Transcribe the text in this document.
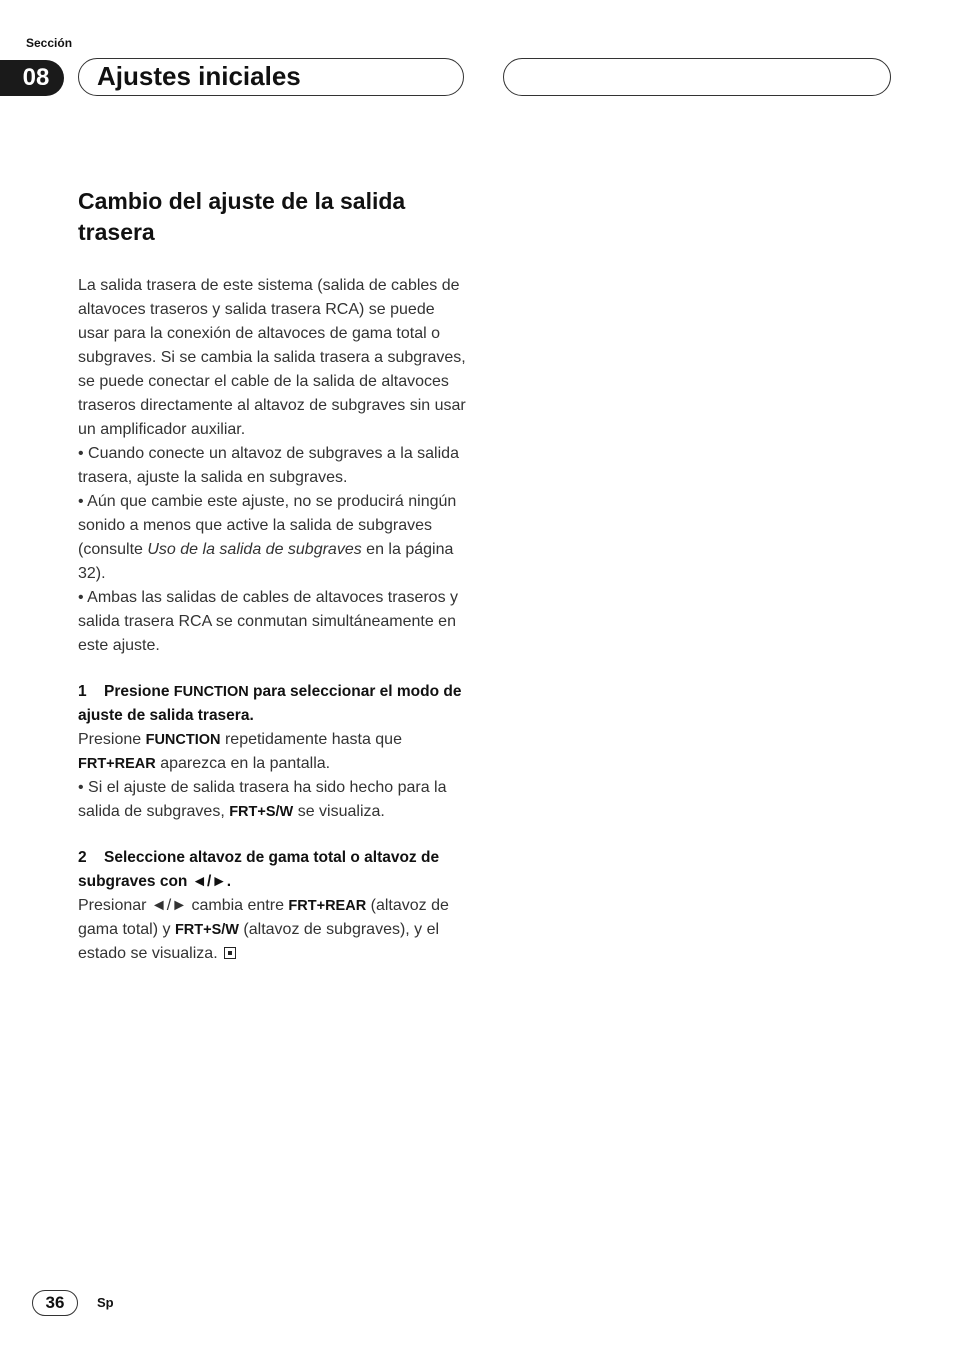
Sección
08	Ajustes iniciales
Cambio del ajuste de la salida trasera

La salida trasera de este sistema (salida de cables de altavoces traseros y salida trasera RCA) se puede usar para la conexión de altavoces de gama total o subgraves. Si se cambia la salida trasera a subgraves, se puede conectar el cable de la salida de altavoces traseros directamente al altavoz de subgraves sin usar un amplificador auxiliar.

• Cuando conecte un altavoz de subgraves a la salida trasera, ajuste la salida en subgraves.

• Aún que cambie este ajuste, no se producirá ningún sonido a menos que active la salida de subgraves (consulte Uso de la salida de subgraves en la página 32).

• Ambas las salidas de cables de altavoces traseros y salida trasera RCA se conmutan simultáneamente en este ajuste.

1 Presione FUNCTION para seleccionar el modo de ajuste de salida trasera.

Presione FUNCTION repetidamente hasta que FRT+REAR aparezca en la pantalla.

• Si el ajuste de salida trasera ha sido hecho para la salida de subgraves, FRT+S/W se visualiza.

2 Seleccione altavoz de gama total o altavoz de subgraves con ◄/►.

Presionar ◄/► cambia entre FRT+REAR (altavoz de gama total) y FRT+S/W (altavoz de subgraves), y el estado se visualiza.

36	Sp
